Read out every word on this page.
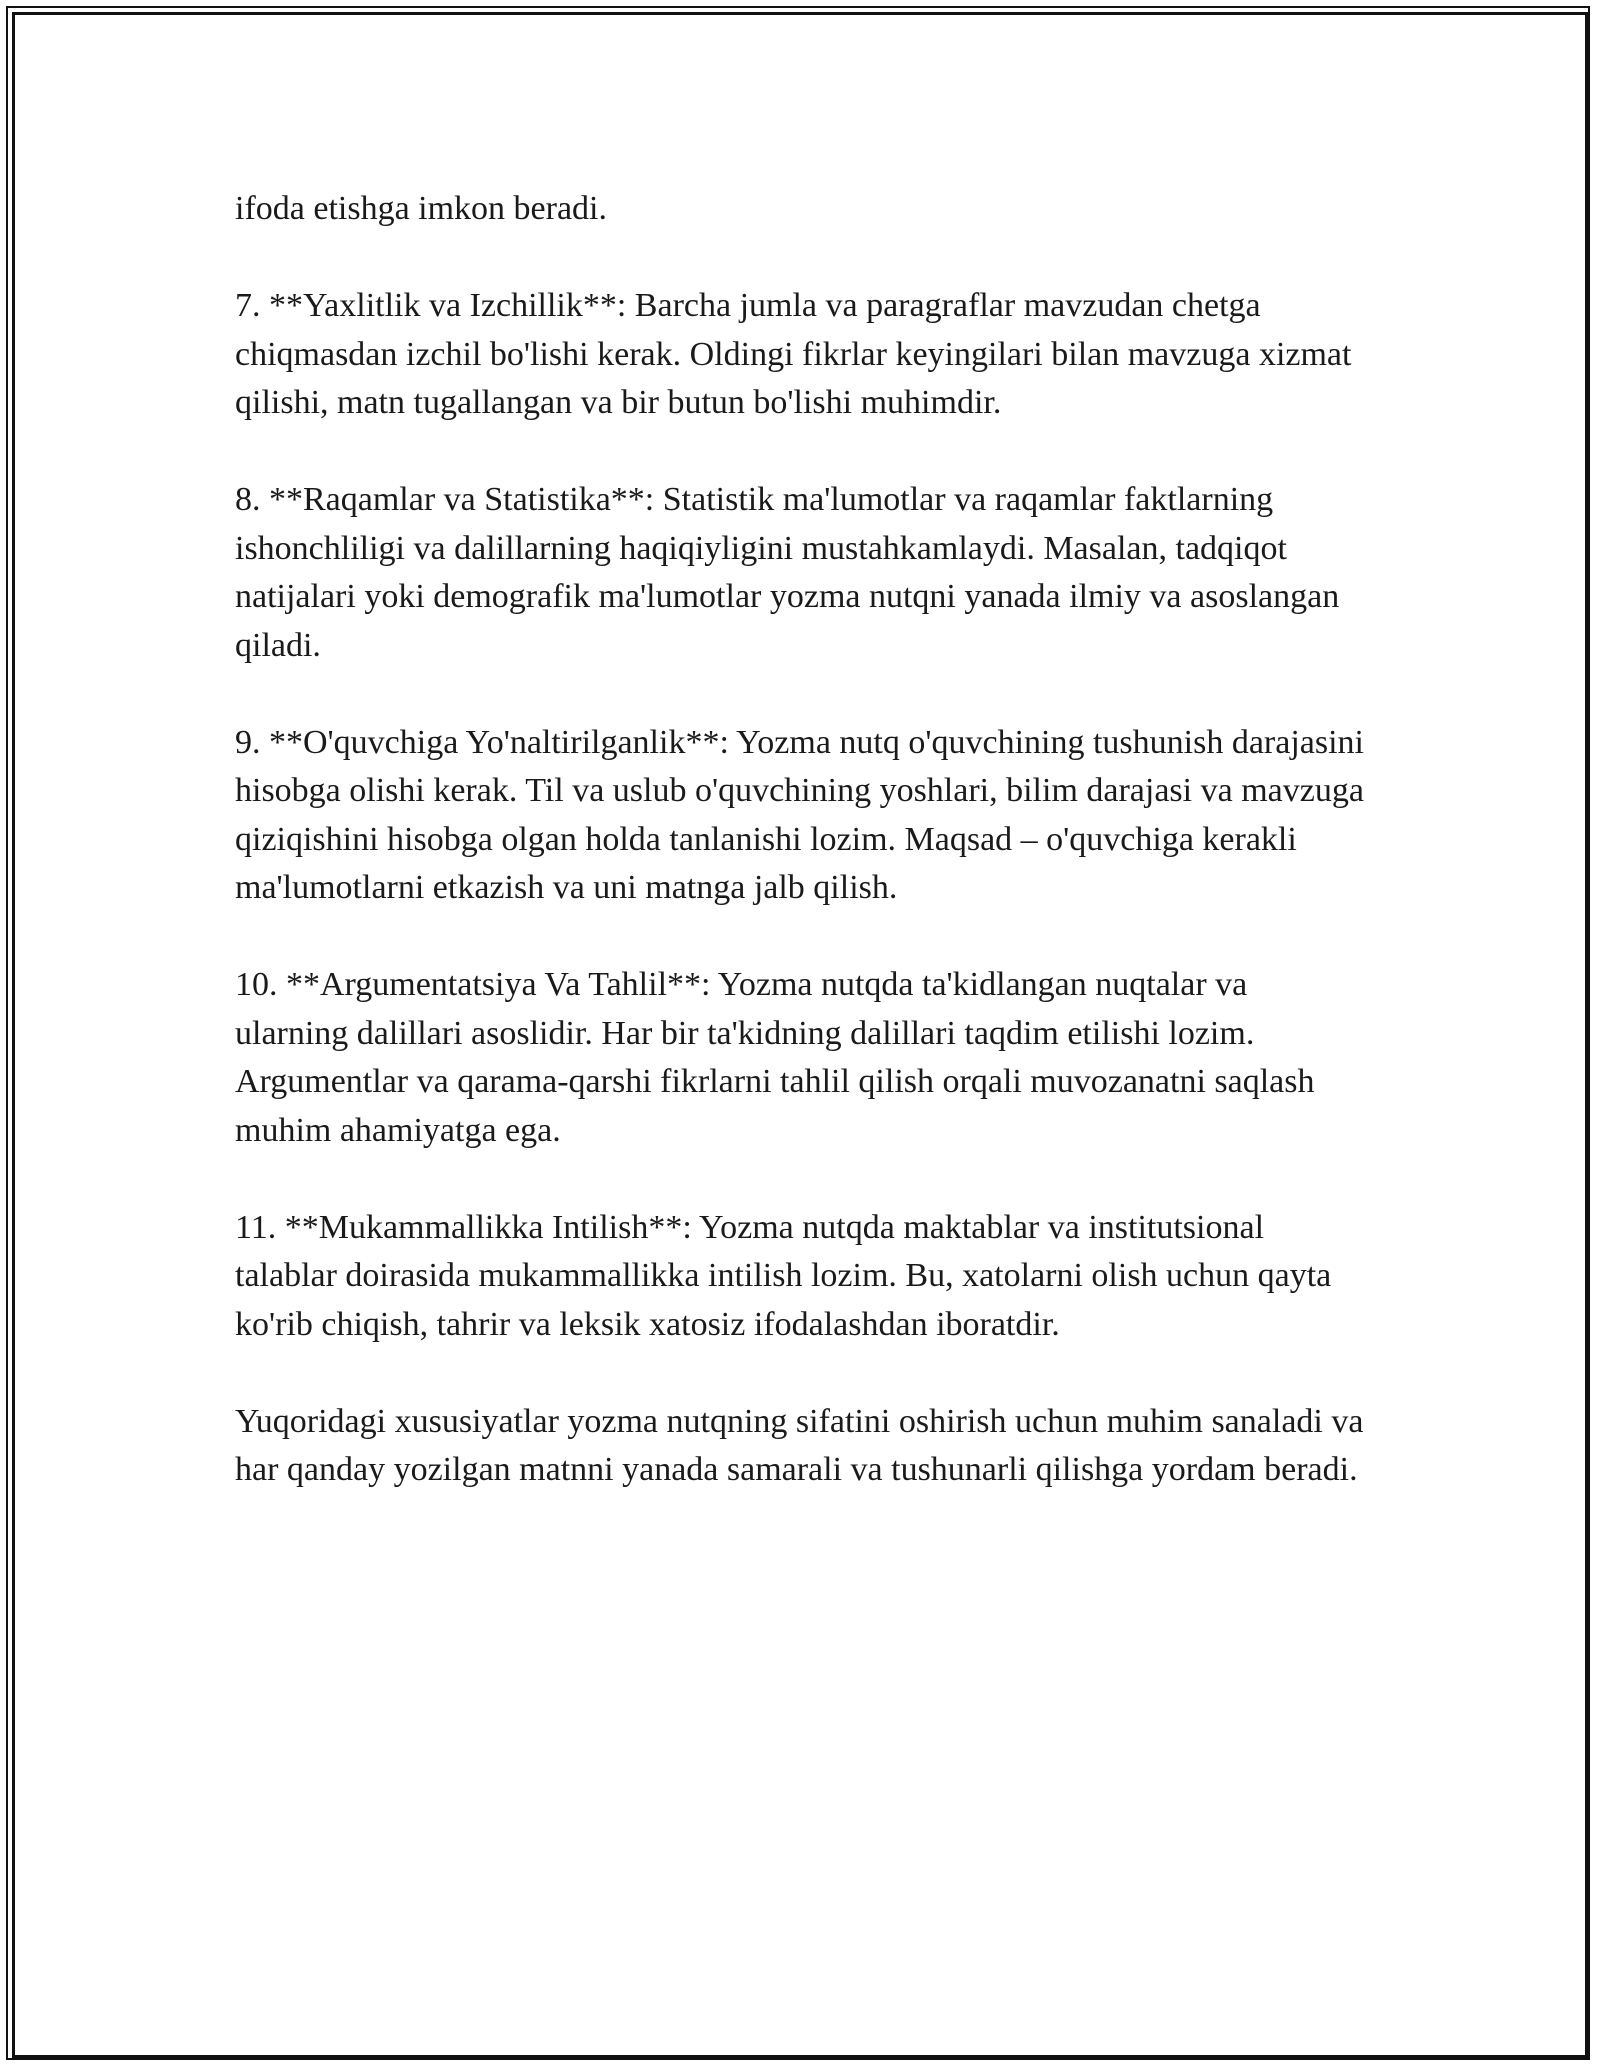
ifoda etishga imkon beradi.

7. **Yaxlitlik va Izchillik**: Barcha jumla va paragraflar mavzudan chetga chiqmasdan izchil bo'lishi kerak. Oldingi fikrlar keyingilari bilan mavzuga xizmat qilishi, matn tugallangan va bir butun bo'lishi muhimdir.

8. **Raqamlar va Statistika**: Statistik ma'lumotlar va raqamlar faktlarning ishonchliligi va dalillarning haqiqiyligini mustahkamlaydi. Masalan, tadqiqot natijalari yoki demografik ma'lumotlar yozma nutqni yanada ilmiy va asoslangan qiladi.

9. **O'quvchiga Yo'naltirilganlik**: Yozma nutq o'quvchining tushunish darajasini hisobga olishi kerak. Til va uslub o'quvchining yoshlari, bilim darajasi va mavzuga qiziqishini hisobga olgan holda tanlanishi lozim. Maqsad – o'quvchiga kerakli ma'lumotlarni etkazish va uni matnga jalb qilish.

10. **Argumentatsiya Va Tahlil**: Yozma nutqda ta'kidlangan nuqtalar va ularning dalillari asoslidir. Har bir ta'kidning dalillari taqdim etilishi lozim. Argumentlar va qarama-qarshi fikrlarni tahlil qilish orqali muvozanatni saqlash muhim ahamiyatga ega.

11. **Mukammallikka Intilish**: Yozma nutqda maktablar va institutsional talablar doirasida mukammallikka intilish lozim. Bu, xatolarni olish uchun qayta ko'rib chiqish, tahrir va leksik xatosiz ifodalashdan iboratdir.

Yuqoridagi xususiyatlar yozma nutqning sifatini oshirish uchun muhim sanaladi va har qanday yozilgan matnni yanada samarali va tushunarli qilishga yordam beradi.
